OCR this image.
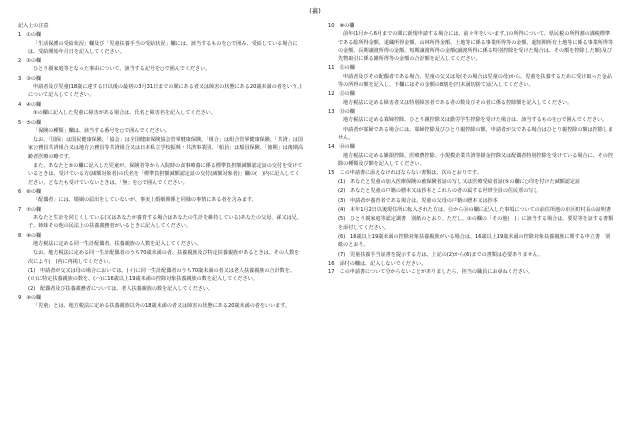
(裏)
記入上の注意
1　①の欄
「生活保護の受給状況」欄及び「児童扶養手当の受給状況」欄には、該当するものを○で囲み、受給している場合には、受給開始年月日を記入してください。
2　②の欄
ひとり親家庭等となった事由について、該当する記号を○で囲んでください。
3　③の欄
申請者及び児童(18歳に達する日以後の最初の3月31日までの間にある者又は障害の状態にある20歳未満の者をいう。)について記入してください。
4　④の欄
③の欄に記入した児童に障害がある場合は、氏名と障害名を記入してください。
5　⑤の欄
「保険の種類」欄は、該当する番号を○で囲んでください。
なお、「国保」は国民健康保険、「協会」は全国健康保険協会管掌健康保険、「組合」は組合管掌健康保険、「共済」は国家公務員共済組合又は地方公務員等共済組合又は日本私立学校振興・共済事業団、「船員」は船員保険、「後期」は後期高齢者医療の略です。
また、あなたと⑤の欄に記入した児童が、保険者等から入院時の食事療養に係る標準負担額減額認定証の交付を受けているときは、受けている方(減額対象者)の氏名を「標準負担額減額認定証の交付(減額対象者)」欄の(　)内に記入してください。どなたも受けていないときは、「無」を○で囲んでください。
6　⑥の欄
「配偶者」には、婚姻の届出をしていないが、事実上婚姻関係と同様の事情にある者を含みます。
7　⑦の欄
あなたと生計を同じくしている(又はあなたが養育する場合はあなたの生計を維持している)あなたの父母、孫又は兄、子、姉妹その他の民法上の扶養義務者がいるときに記入してください。
8　⑧の欄
地方税法に定める同一生計配偶者、扶養親族の人数を記入してください。
なお、地方税法に定める同一生計配偶者のうち70歳未満の者、扶養親族及び特定扶養親族があるときは、その人数を次により(　)内に再掲してください。
(1) 申請者が父又は母の場合においては、(イ)に同一生計配偶者のうち70歳未満の者又は老人扶養親族の合計数を、(ロ)に特定扶養親族の数を、(ハ)に16歳以上19歳未満の控除対象扶養親族の数を記入してください。
(2) 配偶者及び扶養義務者については、老人扶養親族の数を記入してください。
9　⑨の欄
「児童」とは、地方税法に定める扶養親族以外の18歳未満の者又は障害の状態にある20歳未満の者をいいます。
10　⑩の欄
前年(1月から6月までの間に新規申請する場合には、前々年をいいます。)の所得について、県民税の所得割の課税標準である総所得金額、退職所得金額、山林所得金額、土地等に係る事業所得等の金額、超短期所有土地等に係る事業所得等の金額、長期譲渡所得の金額、短期譲渡所得の金額(譲渡所得に係る特別控除を受けた場合は、その額を控除した額)及び先物取引に係る雑所得等の金額の合計額を記入してください。
11　⑪の欄
申請者及びその配偶者である場合、児童の父又は母(その場合は児童の母)から、児童を扶養するために受け取った金品等の所得の額を記入し、下欄にはその金額の8割を(円未満切捨て)記入してください。
12　⑫の欄
地方税法に定める障害者又は特別障害者である者の数及びその者に係る控除額を記入してください。
13　⑬の欄
地方税法に定める寡婦控除、ひとり親控除又は勤労学生控除を受けた場合は、該当するものを○で囲んでください。
申請者が寡婦である場合には、寡婦控除及びひとり親控除の額、申請者が父である場合はひとり親控除の額は控除しません。
14　⑭の欄
地方税法に定める雑損控除、医療費控除、小規模企業共済等掛金控除又は配偶者特別控除を受けている場合に、その控除の種類及び額を記入してください。
15　この申請書に添えなければならない書類は、次のとおりです。
(1) あなたと児童の加入医療保険の被保険者証の写し又は医療受給者証(⑤の欄に○印を付けた減額認定証
(2) あなたと児童の戸籍の謄本又は抄本とこれらの者の属する世帯全員の住民票の写し
(3) 申請者が養育者である場合は、児童の父母の戸籍の謄本又は抄本
(4) 本年1月2日以後現住所に転入された方は、⑫から⑭の欄に記入した事項についての前住所地の市区町村長の証明書
(5) ひとり親家庭等認定調書　別紙のとおり。ただし、②の欄の「その他(　)」に該当する場合は、要児等を証する書類を添付してください。
(6) 16歳以上19歳未満の控除対象扶養親族がいる場合は、16歳以上19歳未満の控除対象扶養親族に関する申立書　別紙のとおり。
(7) 児童扶養手当証書を提示する方は、上記の(2)から(6)までの書類は必要ありません。
16　添付の欄は、記入しないでください。
17　この申請書について分からないことがありましたら、担当の職員にお尋ねください。
